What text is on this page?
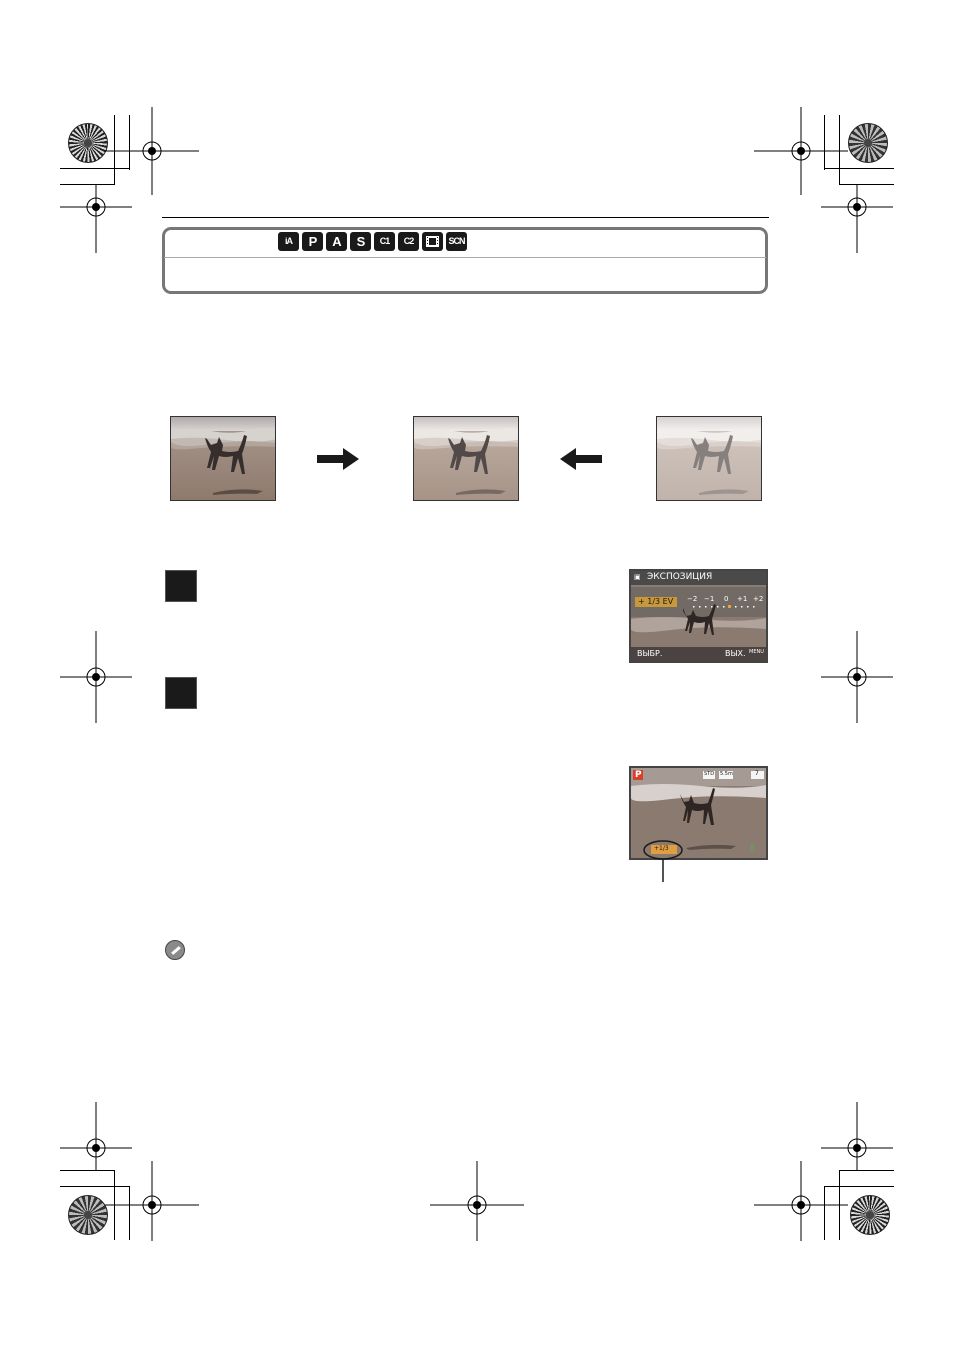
iA	P	A	S	C1	C2	SCN
▣ ЭКСПОЗИЦИЯ
+ 1/3 EV −2 −1 0 +1 +2
ВЫБР.	ВЫХ. MENU
P	STD 5.5m	7
+1/3	8
